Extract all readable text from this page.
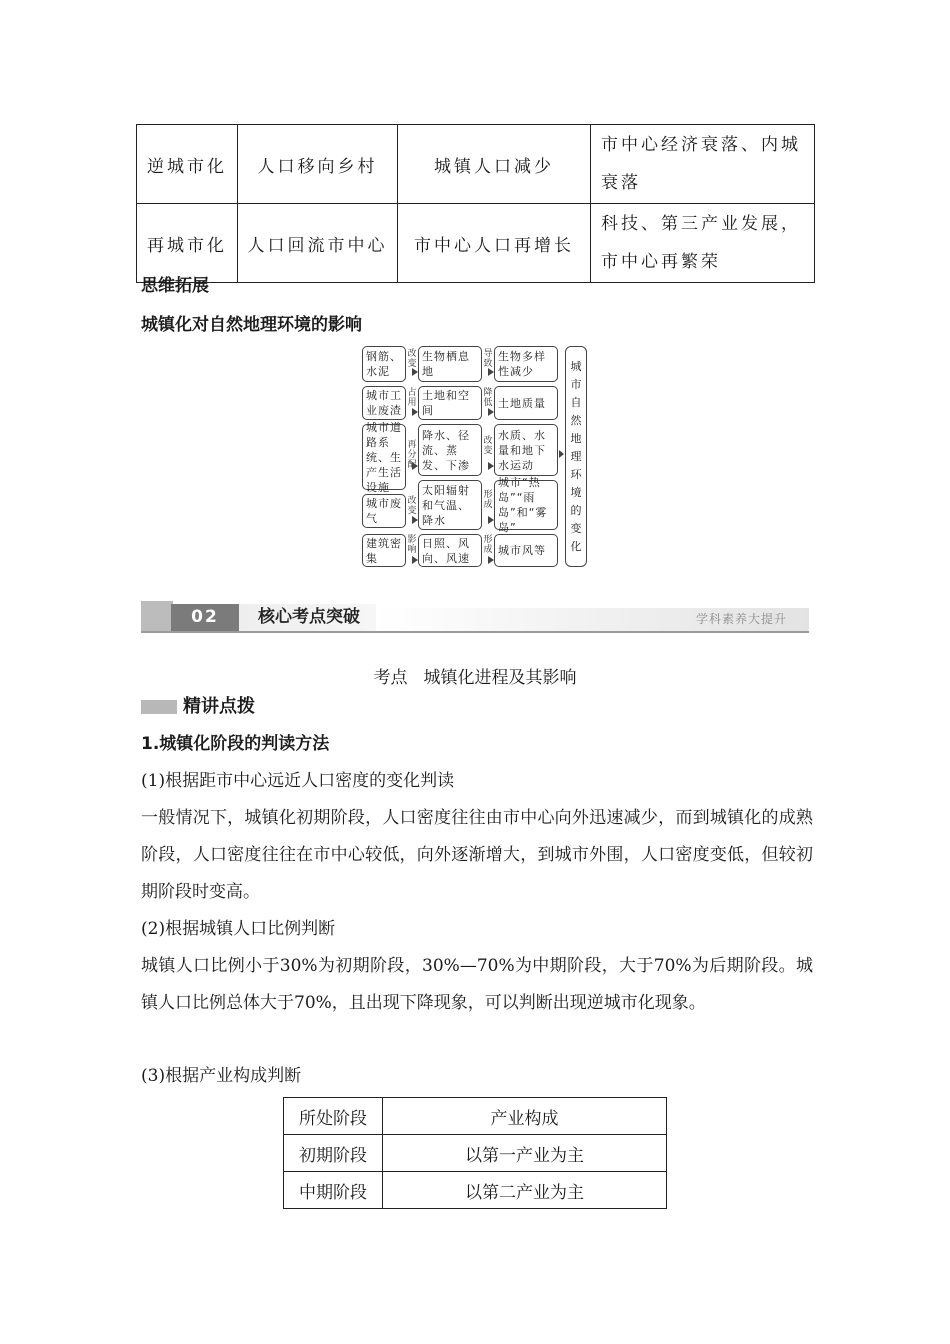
逆城市化	人口移向乡村	城镇人口减少	市中心经济衰落、内城衰落
再城市化	人口回流市中心	市中心人口再增长	科技、第三产业发展，市中心再繁荣
思维拓展
城镇化对自然地理环境的影响
钢筋、水泥
改变
生物栖息地
导致
生物多样性减少
城市工业废渣
占用
土地和空间
降低 土地质量
城市道路系统、生产生活设施
再分配
降水、径流、蒸发、下渗
改变
水质、水量和地下水运动
城市废气
改变
太阳辐射和气温、降水
形成
城市“热岛”“雨岛”和“雾岛”
建筑密集
影响
日照、风向、风速
形成 城市风等
城市自然地理环境的变化
02	核心考点突破	学科素养大提升
考点 城镇化进程及其影响
精讲点拨
1.城镇化阶段的判读方法
(1)根据距市中心远近人口密度的变化判读
一般情况下，城镇化初期阶段，人口密度往往由市中心向外迅速减少，而到城镇化的成熟阶段，人口密度往往在市中心较低，向外逐渐增大，到城市外围，人口密度变低，但较初期阶段时变高。
(2)根据城镇人口比例判断
城镇人口比例小于30%为初期阶段，30%—70%为中期阶段，大于70%为后期阶段。城镇人口比例总体大于70%，且出现下降现象，可以判断出现逆城市化现象。
(3)根据产业构成判断
所处阶段	产业构成
初期阶段	以第一产业为主
中期阶段	以第二产业为主
